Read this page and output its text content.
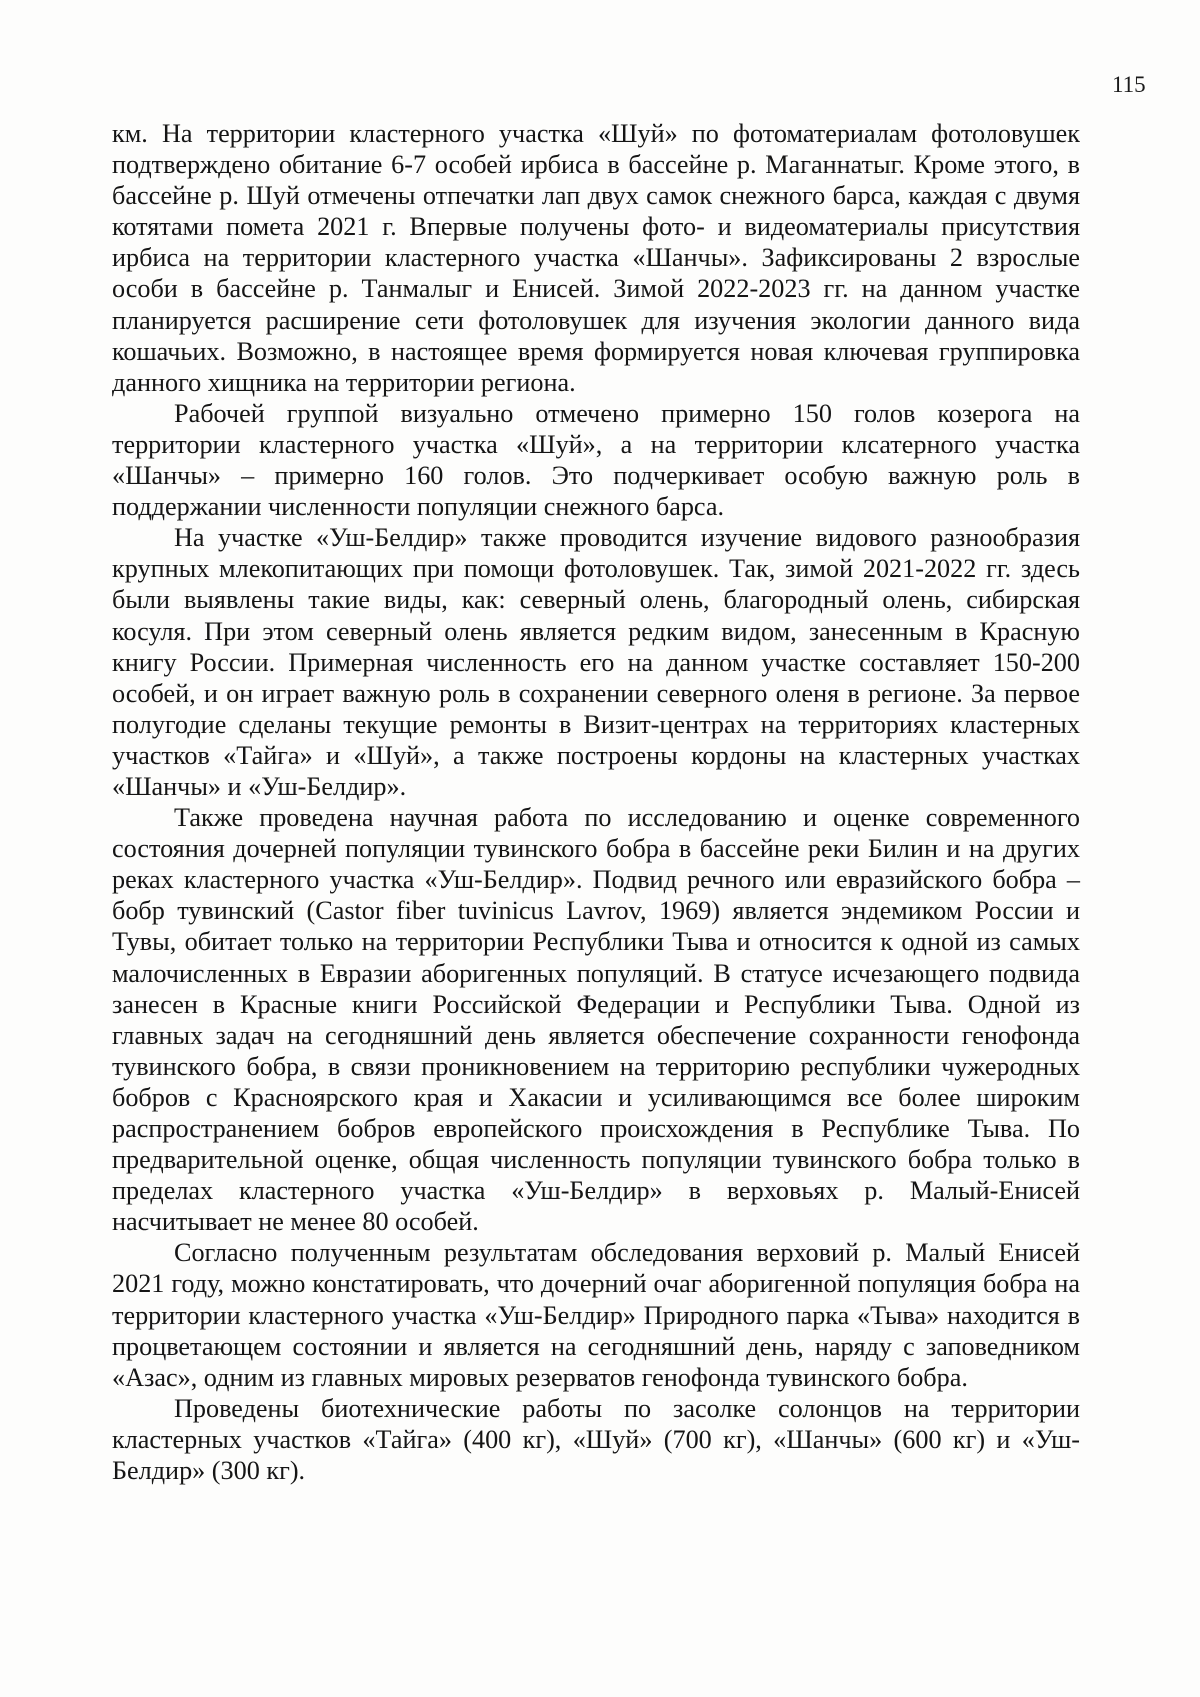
115

км. На территории кластерного участка «Шуй» по фотоматериалам фотоловушек подтверждено обитание 6-7 особей ирбиса в бассейне р. Маганнатыг. Кроме этого, в бассейне р. Шуй отмечены отпечатки лап двух самок снежного барса, каждая с двумя котятами помета 2021 г. Впервые получены фото- и видеоматериалы присутствия ирбиса на территории кластерного участка «Шанчы». Зафиксированы 2 взрослые особи в бассейне р. Танмалыг и Енисей. Зимой 2022-2023 гг. на данном участке планируется расширение сети фотоловушек для изучения экологии данного вида кошачьих. Возможно, в настоящее время формируется новая ключевая группировка данного хищника на территории региона.

Рабочей группой визуально отмечено примерно 150 голов козерога на территории кластерного участка «Шуй», а на территории клсатерного участка «Шанчы» – примерно 160 голов. Это подчеркивает особую важную роль в поддержании численности популяции снежного барса.

На участке «Уш-Белдир» также проводится изучение видового разнообразия крупных млекопитающих при помощи фотоловушек. Так, зимой 2021-2022 гг. здесь были выявлены такие виды, как: северный олень, благородный олень, сибирская косуля. При этом северный олень является редким видом, занесенным в Красную книгу России. Примерная численность его на данном участке составляет 150-200 особей, и он играет важную роль в сохранении северного оленя в регионе. За первое полугодие сделаны текущие ремонты в Визит-центрах на территориях кластерных участков «Тайга» и «Шуй», а также построены кордоны на кластерных участках «Шанчы» и «Уш-Белдир».

Также проведена научная работа по исследованию и оценке современного состояния дочерней популяции тувинского бобра в бассейне реки Билин и на других реках кластерного участка «Уш-Белдир». Подвид речного или евразийского бобра – бобр тувинский (Castor fiber tuvinicus Lavrov, 1969) является эндемиком России и Тувы, обитает только на территории Республики Тыва и относится к одной из самых малочисленных в Евразии аборигенных популяций. В статусе исчезающего подвида занесен в Красные книги Российской Федерации и Республики Тыва. Одной из главных задач на сегодняшний день является обеспечение сохранности генофонда тувинского бобра, в связи проникновением на территорию республики чужеродных бобров с Красноярского края и Хакасии и усиливающимся все более широким распространением бобров европейского происхождения в Республике Тыва. По предварительной оценке, общая численность популяции тувинского бобра только в пределах кластерного участка «Уш-Белдир» в верховьях р. Малый-Енисей насчитывает не менее 80 особей.

Согласно полученным результатам обследования верховий р. Малый Енисей 2021 году, можно констатировать, что дочерний очаг аборигенной популяция бобра на территории кластерного участка «Уш-Белдир» Природного парка «Тыва» находится в процветающем состоянии и является на сегодняшний день, наряду с заповедником «Азас», одним из главных мировых резерватов генофонда тувинского бобра.

Проведены биотехнические работы по засолке солонцов на территории кластерных участков «Тайга» (400 кг), «Шуй» (700 кг), «Шанчы» (600 кг) и «Уш-Белдир» (300 кг).
